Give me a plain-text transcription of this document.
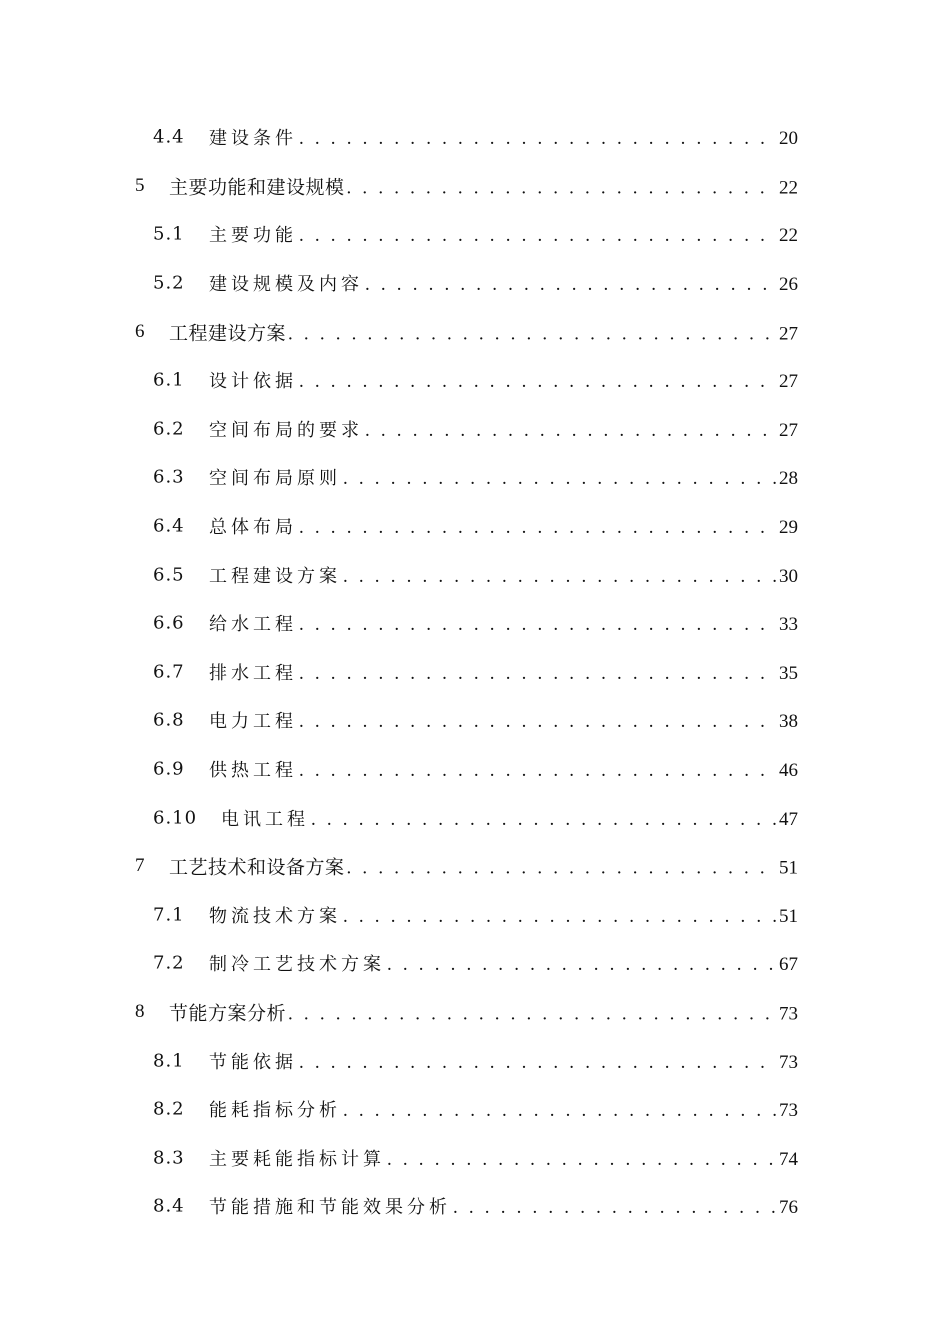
4.4 建设条件 . . .	20
5 主要功能和建设规模 . . .	22
5.1 主要功能 . . .	22
5.2 建设规模及内容 . . .	26
6 工程建设方案 . . .	27
6.1 设计依据 . . .	27
6.2 空间布局的要求 . . .	27
6.3 空间布局原则 . . .	28
6.4 总体布局 . . .	29
6.5 工程建设方案 . . .	30
6.6 给水工程 . . .	33
6.7 排水工程 . . .	35
6.8 电力工程 . . .	38
6.9 供热工程 . . .	46
6.10 电讯工程 . . .	47
7 工艺技术和设备方案 . . .	51
7.1 物流技术方案 . . .	51
7.2 制冷工艺技术方案 . . .	67
8 节能方案分析 . . .	73
8.1 节能依据 . . .	73
8.2 能耗指标分析 . . .	73
8.3 主要耗能指标计算 . . .	74
8.4 节能措施和节能效果分析 . . .	76
